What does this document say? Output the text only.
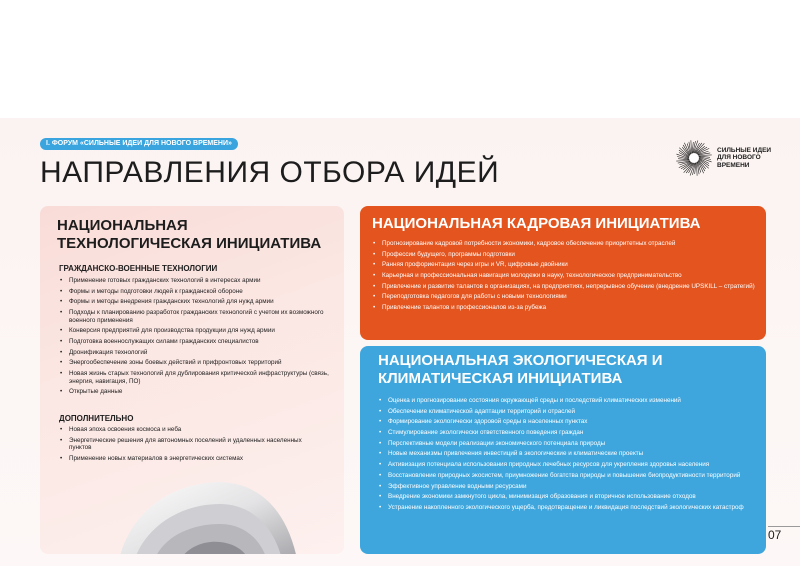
I. ФОРУМ «СИЛЬНЫЕ ИДЕИ ДЛЯ НОВОГО ВРЕМЕНИ»
НАПРАВЛЕНИЯ ОТБОРА ИДЕЙ
СИЛЬНЫЕ ИДЕИ ДЛЯ НОВОГО ВРЕМЕНИ
НАЦИОНАЛЬНАЯ ТЕХНОЛОГИЧЕСКАЯ ИНИЦИАТИВА
ГРАЖДАНСКО-ВОЕННЫЕ ТЕХНОЛОГИИ
• Применение готовых гражданских технологий в интересах армии
• Формы и методы подготовки людей к гражданской обороне
• Формы и методы внедрения гражданских технологий для нужд армии
• Подходы к планированию разработок гражданских технологий с учетом их возможного военного применения
• Конверсия предприятий для производства продукции для нужд армии
• Подготовка военнослужащих силами гражданских специалистов
• Дронификация технологий
• Энергообеспечение зоны боевых действий и прифронтовых территорий
• Новая жизнь старых технологий для дублирования критической инфраструктуры (связь, энергия, навигация, ПО)
• Открытые данные
ДОПОЛНИТЕЛЬНО
• Новая эпоха освоения космоса и неба
• Энергетические решения для автономных поселений и удаленных населенных пунктов
• Применение новых материалов в энергетических системах
НАЦИОНАЛЬНАЯ КАДРОВАЯ ИНИЦИАТИВА
• Прогнозирование кадровой потребности экономики, кадровое обеспечение приоритетных отраслей
• Профессии будущего, программы подготовки
• Ранняя профориентация через игры и VR, цифровые двойники
• Карьерная и профессиональная навигация молодежи в науку, технологическое предпринимательство
• Привлечение и развитие талантов в организациях, на предприятиях, непрерывное обучение (внедрение UPSKILL – стратегий)
• Переподготовка педагогов для работы с новыми технологиями
• Привлечение талантов и профессионалов из-за рубежа
НАЦИОНАЛЬНАЯ ЭКОЛОГИЧЕСКАЯ И КЛИМАТИЧЕСКАЯ ИНИЦИАТИВА
• Оценка и прогнозирование состояния окружающей среды и последствий климатических изменений
• Обеспечение климатической адаптации территорий и отраслей
• Формирование экологически здоровой среды в населенных пунктах
• Стимулирование экологически ответственного поведения граждан
• Перспективные модели реализации экономического потенциала природы
• Новые механизмы привлечения инвестиций в экологические и климатические проекты
• Активизация потенциала использования природных лечебных ресурсов для укрепления здоровья населения
• Восстановление природных экосистем, приумножение богатства природы и повышение биопродуктивности территорий
• Эффективное управление водными ресурсами
• Внедрение экономики замкнутого цикла, минимизация образования и вторичное использование отходов
• Устранение накопленного экологического ущерба, предотвращение и ликвидация последствий экологических катастроф
07
